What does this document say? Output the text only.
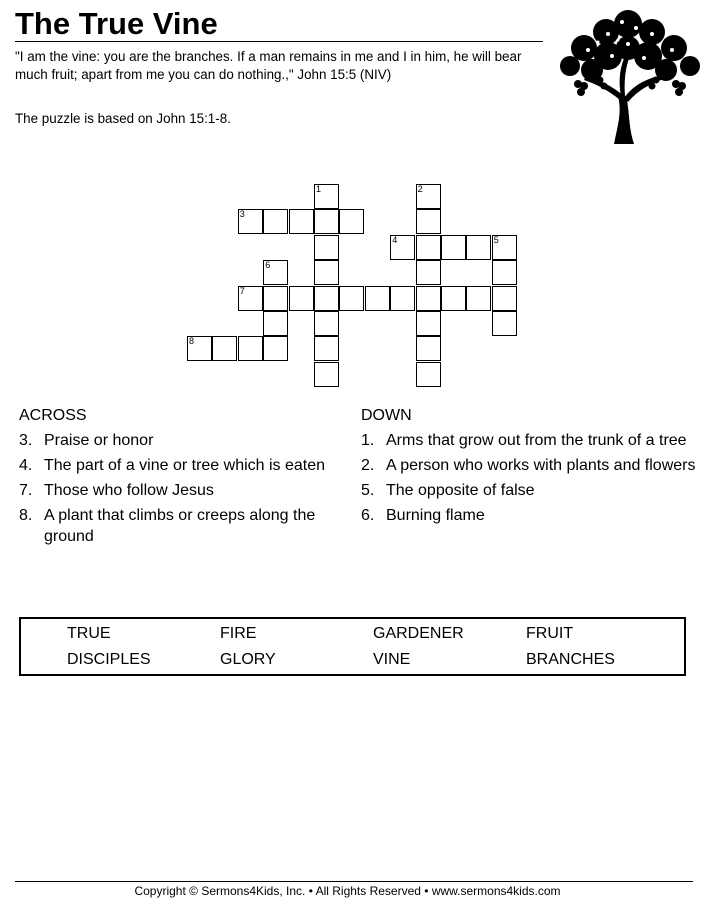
The True Vine
"I am the vine: you are the branches. If a man remains in me and I in him, he will bear much fruit; apart from me you can do nothing.," John 15:5 (NIV)
The puzzle is based on John 15:1-8.
1	2
3
4	5
6
7
8
ACROSS
3. Praise or honor
4. The part of a vine or tree which is eaten
7. Those who follow Jesus
8. A plant that climbs or creeps along the ground
DOWN
1. Arms that grow out from the trunk of a tree
2. A person who works with plants and flowers
5. The opposite of false
6. Burning flame
TRUE	FIRE	GARDENER	FRUIT
DISCIPLES	GLORY	VINE	BRANCHES
Copyright © Sermons4Kids, Inc. • All Rights Reserved • www.sermons4kids.com
